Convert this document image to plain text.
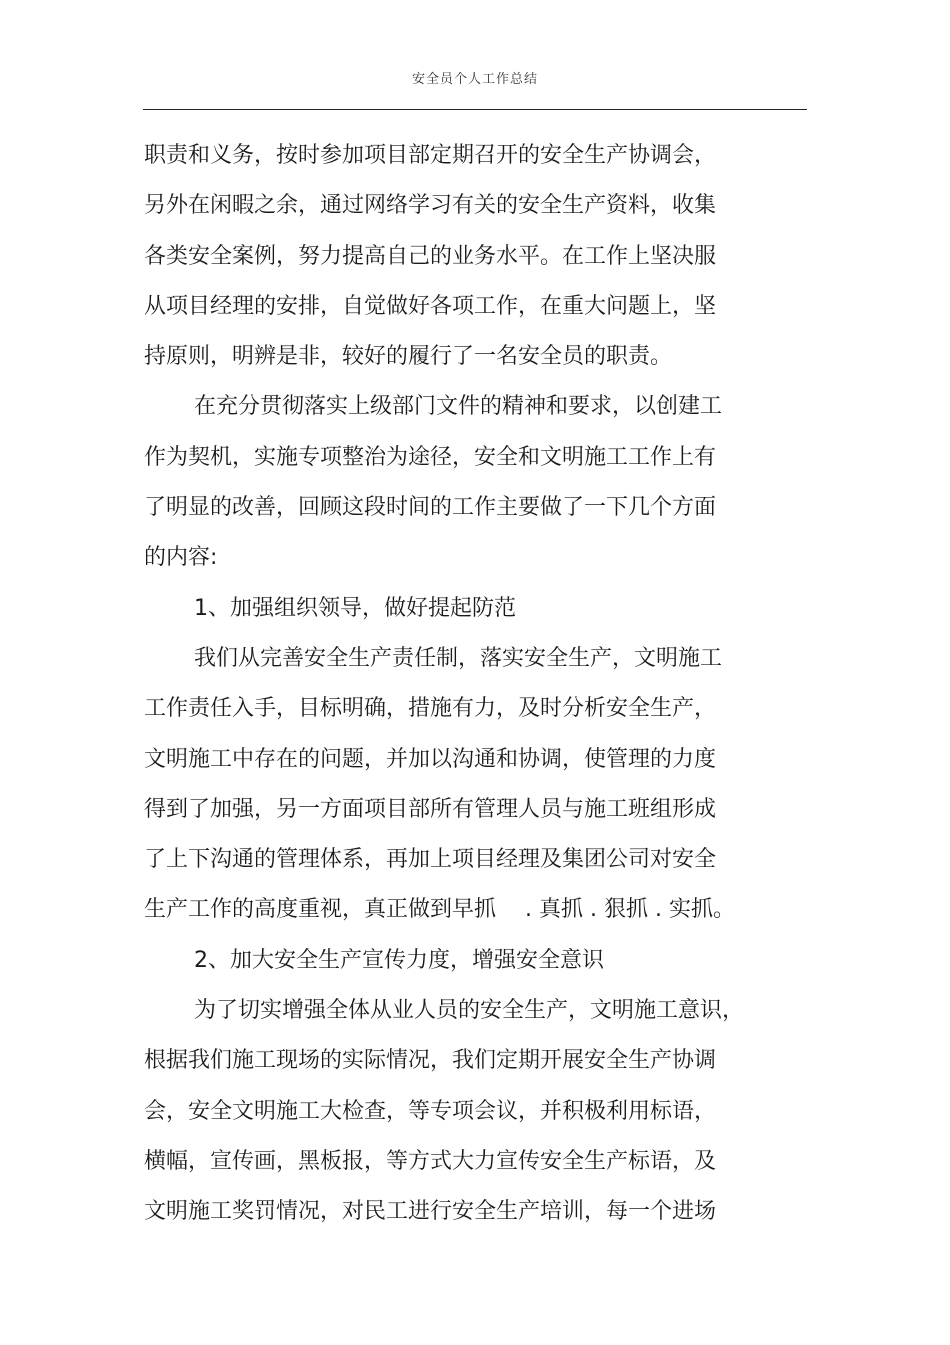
安全员个人工作总结
职责和义务，按时参加项目部定期召开的安全生产协调会，
另外在闲暇之余，通过网络学习有关的安全生产资料，收集
各类安全案例，努力提高自己的业务水平。在工作上坚决服
从项目经理的安排，自觉做好各项工作，在重大问题上，坚
持原则，明辨是非，较好的履行了一名安全员的职责。
在充分贯彻落实上级部门文件的精神和要求，以创建工
作为契机，实施专项整治为途径，安全和文明施工工作上有
了明显的改善，回顾这段时间的工作主要做了一下几个方面
的内容:
1、加强组织领导，做好提起防范
我们从完善安全生产责任制，落实安全生产，文明施工
工作责任入手，目标明确，措施有力，及时分析安全生产，
文明施工中存在的问题，并加以沟通和协调，使管理的力度
得到了加强，另一方面项目部所有管理人员与施工班组形成
了上下沟通的管理体系，再加上项目经理及集团公司对安全
生产工作的高度重视，真正做到早抓　 . 真抓 . 狠抓 . 实抓。
2、加大安全生产宣传力度，增强安全意识
为了切实增强全体从业人员的安全生产，文明施工意识，
根据我们施工现场的实际情况，我们定期开展安全生产协调
会，安全文明施工大检查，等专项会议，并积极利用标语，
横幅，宣传画，黑板报，等方式大力宣传安全生产标语，及
文明施工奖罚情况，对民工进行安全生产培训，每一个进场
